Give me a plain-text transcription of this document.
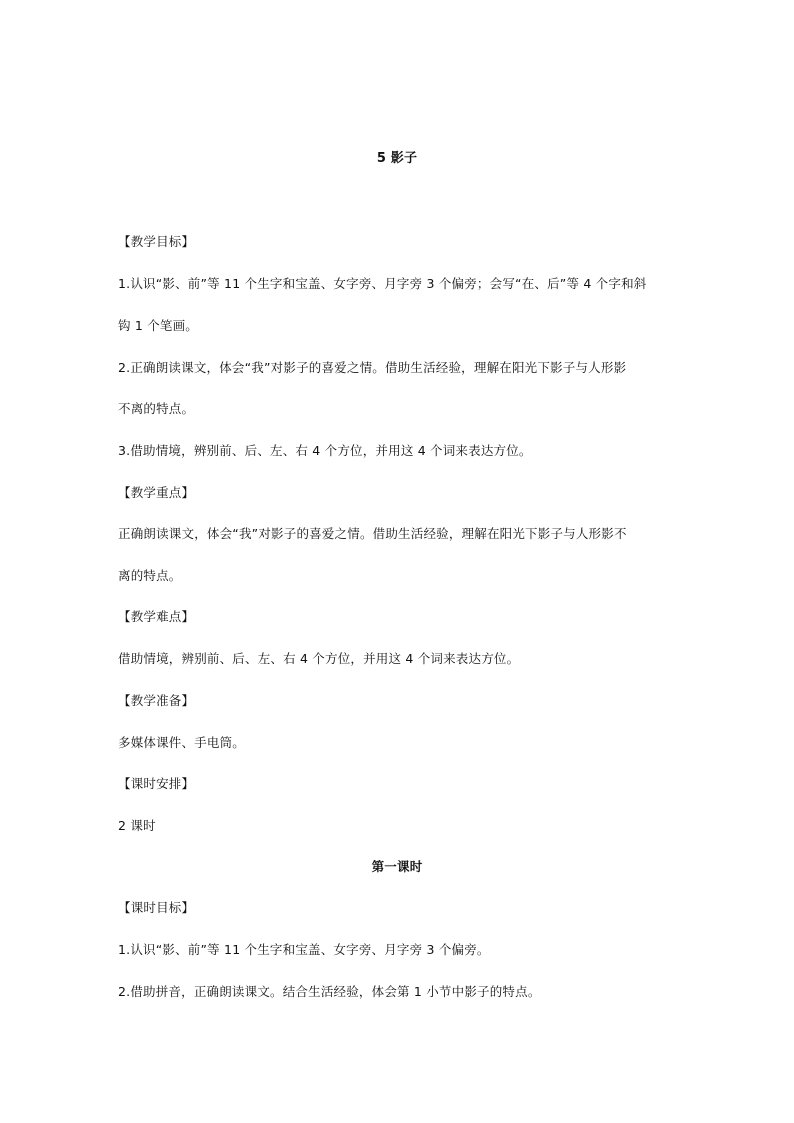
5 影子
【教学目标】
1.认识“影、前”等 11 个生字和宝盖、女字旁、月字旁 3 个偏旁；会写“在、后”等 4 个字和斜
钩 1 个笔画。
2.正确朗读课文，体会“我”对影子的喜爱之情。借助生活经验，理解在阳光下影子与人形影
不离的特点。
3.借助情境，辨别前、后、左、右 4 个方位，并用这 4 个词来表达方位。
【教学重点】
正确朗读课文，体会“我”对影子的喜爱之情。借助生活经验，理解在阳光下影子与人形影不
离的特点。
【教学难点】
借助情境，辨别前、后、左、右 4 个方位，并用这 4 个词来表达方位。
【教学准备】
多媒体课件、手电筒。
【课时安排】
2 课时
第一课时
【课时目标】
1.认识“影、前”等 11 个生字和宝盖、女字旁、月字旁 3 个偏旁。
2.借助拼音，正确朗读课文。结合生活经验，体会第 1 小节中影子的特点。
